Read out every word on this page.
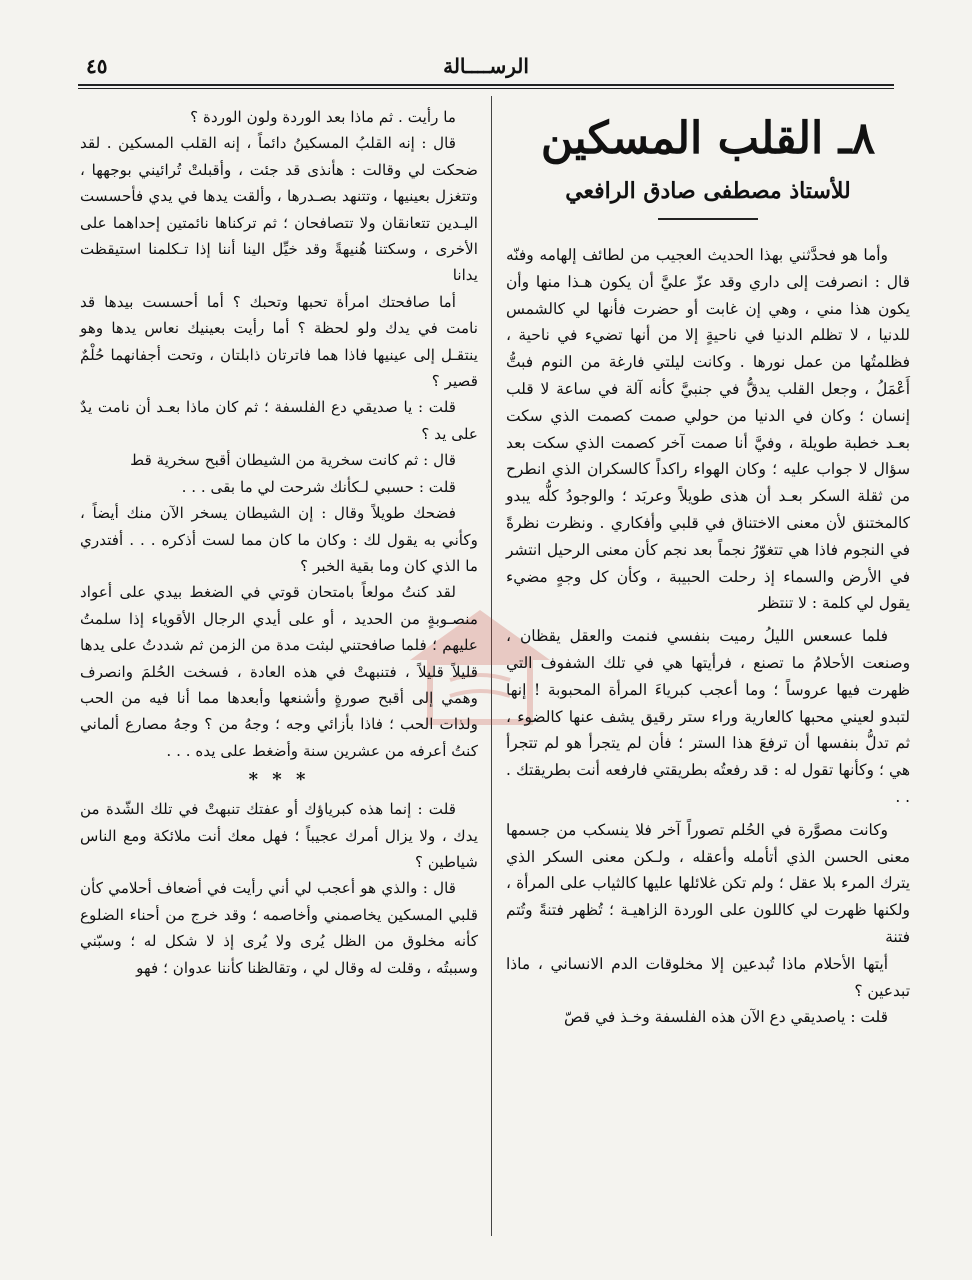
٤٥	الرســــالة
٨ـ القلب المسكين
للأستاذ مصطفى صادق الرافعي

وأما هو فحدَّثني بهذا الحديث العجيب من لطائف إلهامه وفنّه قال : انصرفت إلى داري وقد عزّ عليَّ أن يكون هـذا منها وأن يكون هذا مني ، وهي إن غابت أو حضرت فأنها لي كالشمس للدنيا ، لا تظلم الدنيا في ناحيةٍ إلا من أنها تضيء في ناحية ، فظلمتُها من عمل نورها . وكانت ليلتي فارغة من النوم فبتُّ أَعْمَلُ ، وجعل القلب يدقُّ في جنبيَّ كأنه آلة في ساعة لا قلب إنسان ؛ وكان في الدنيا من حولي صمت كصمت الذي سكت بعـد خطبة طويلة ، وفيَّ أنا صمت آخر كصمت الذي سكت بعد سؤال لا جواب عليه ؛ وكان الهواء راكداً كالسكران الذي انطرح من ثقلة السكر بعـد أن هذى طويلاً وعربَد ؛ والوجودُ كلُّه يبدو كالمختنق لأن معنى الاختناق في قلبي وأفكاري . ونظرت نظرةً في النجوم فاذا هي تتغوّرُ نجماً بعد نجم كأن معنى الرحيل انتشر في الأرض والسماء إذ رحلت الحبيبة ، وكأن كل وجهٍ مضيء يقول لي كلمة : لا تنتظر

فلما عسعس الليلُ رميت بنفسي فنمت والعقل يقظان ، وصنعت الأحلامُ ما تصنع ، فرأيتها هي في تلك الشفوف التي ظهرت فيها عروساً ؛ وما أعجب كبرياءَ المرأة المحبوبة ! إنها لتبدو لعيني محبها كالعارية وراء ستر رقيق يشف عنها كالضوء ، ثم تدلُّ بنفسها أن ترفعَ هذا الستر ؛ فأن لم يتجرأ هو لم تتجرأ هي ؛ وكأنها تقول له : قد رفعتُه بطريقتي فارفعه أنت بطريقتك . . .

وكانت مصوَّرة في الحُلم تصوراً آخر فلا ينسكب من جسمها معنى الحسن الذي أتأمله وأعقله ، ولـكن معنى السكر الذي يترك المرء بلا عقل ؛ ولم تكن غلائلها عليها كالثياب على المرأة ، ولكنها ظهرت لي كاللون على الوردة الزاهيـة ؛ تُظهر فتنةً وتُتم فتنة

أيتها الأحلام ماذا تُبدعين إلا مخلوقات الدم الانساني ، ماذا تبدعين ؟

قلت : ياصديقي دع الآن هذه الفلسفة وخـذ في قصّ

ما رأيت . ثم ماذا بعد الوردة ولون الوردة ؟

قال : إنه القلبُ المسكينُ دائماً ، إنه القلب المسكين . لقد ضحكت لي وقالت : هأنذى قد جئت ، وأقبلتْ تُرائيني بوجهها ، وتتغزل بعينيها ، وتتنهد بصـدرها ، وألقت يدها في يدي فأحسست اليـدين تتعانقان ولا تتصافحان ؛ ثم تركناها نائمتين إحداهما على الأخرى ، وسكتنا هُنيهةً وقد خيِّل الينا أننا إذا تـكلمنا استيقظت يدانا

أما صافحتك امرأة تحبها وتحبك ؟ أما أحسست بيدها قد نامت في يدك ولو لحظة ؟ أما رأيت بعينيك نعاس يدها وهو ينتقـل إلى عينيها فاذا هما فاترتان ذابلتان ، وتحت أجفانهما حُلْمٌ قصير ؟

قلت : يا صديقي دع الفلسفة ؛ ثم كان ماذا بعـد أن نامت يدٌ على يد ؟

قال : ثم كانت سخرية من الشيطان أقبح سخرية قط

قلت : حسبي لـكأنك شرحت لي ما بقى . . .

فضحك طويلاً وقال : إن الشيطان يسخر الآن منك أيضاً ، وكأني به يقول لك : وكان ما كان مما لست أذكره . . . أفتدري ما الذي كان وما بقية الخبر ؟

لقد كنتُ مولعاً بامتحان قوتي في الضغط بيدي على أعواد منصـوبةٍ من الحديد ، أو على أيدي الرجال الأقوياء إذا سلمتُ عليهم ؛ فلما صافحتني لبثت مدة من الزمن ثم شددتُ على يدها قليلاً قليلاً ، فتنبهتْ في هذه العادة ، فسخت الحُلمَ وانصرف وهمي إلى أقبح صورةٍ وأشنعها وأبعدها مما أنا فيه من الحب ولذات الحب ؛ فاذا بأزائي وجه ؛ وجهُ من ؟ وجهُ مصارع ألماني كنتُ أعرفه من عشرين سنة وأضغط على يده . . .

* * *

قلت : إنما هذه كبرياؤك أو عفتك تنبهتْ في تلك الشّدة من يدك ، ولا يزال أمرك عجيباً ؛ فهل معك أنت ملائكة ومع الناس شياطين ؟

قال : والذي هو أعجب لي أني رأيت في أضعاف أحلامي كأن قلبي المسكين يخاصمني وأخاصمه ؛ وقد خرج من أحناء الضلوع كأنه مخلوق من الظل يُرى ولا يُرى إذ لا شكل له ؛ وسبّني وسببتُه ، وقلت له وقال لي ، وتقالظنا كأننا عدوان ؛ فهو
